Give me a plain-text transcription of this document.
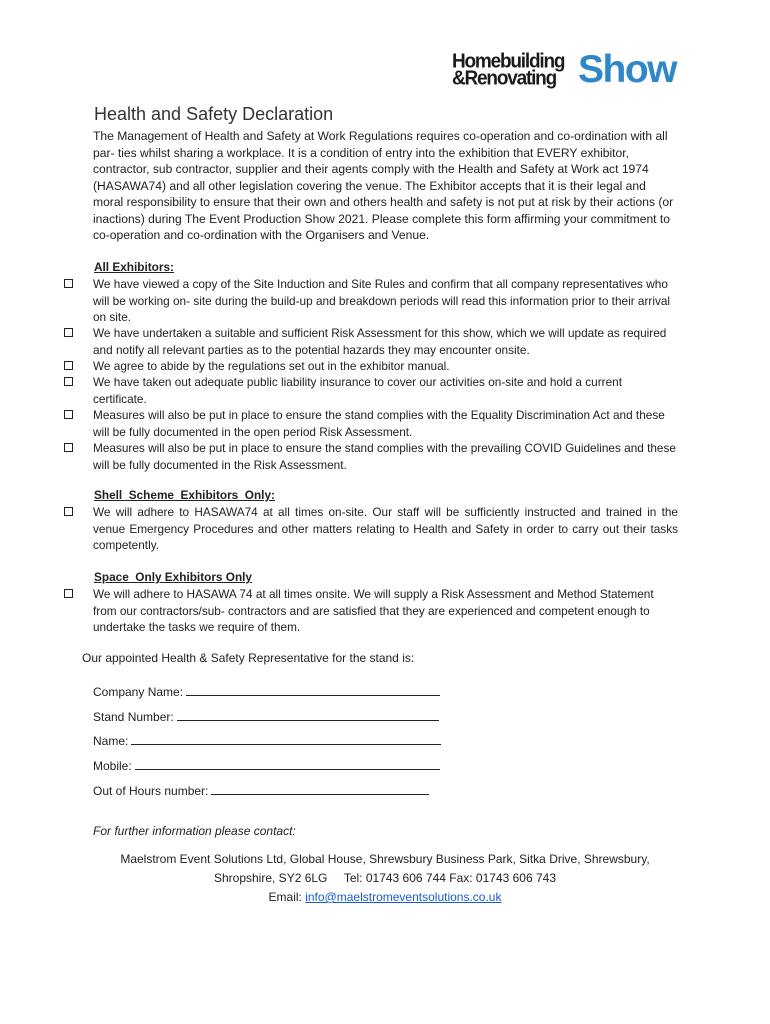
Homebuilding
&Renovating Show
Health and Safety Declaration
The Management of Health and Safety at Work Regulations requires co-operation and co-ordination with all par- ties whilst sharing a workplace. It is a condition of entry into the exhibition that EVERY exhibitor, contractor, sub contractor, supplier and their agents comply with the Health and Safety at Work act 1974 (HASAWA74) and all other legislation covering the venue. The Exhibitor accepts that it is their legal and moral responsibility to ensure that their own and others health and safety is not put at risk by their actions (or inactions) during The Event Production Show 2021. Please complete this form affirming your commitment to co-operation and co-ordination with the Organisers and Venue.
All Exhibitors:
We have viewed a copy of the Site Induction and Site Rules and confirm that all company representatives who will be working on- site during the build-up and breakdown periods will read this information prior to their arrival on site.
We have undertaken a suitable and sufficient Risk Assessment for this show, which we will update as required and notify all relevant parties as to the potential hazards they may encounter onsite.
We agree to abide by the regulations set out in the exhibitor manual.
We have taken out adequate public liability insurance to cover our activities on-site and hold a current certificate.
Measures will also be put in place to ensure the stand complies with the Equality Discrimination Act and these will be fully documented in the open period Risk Assessment.
Measures will also be put in place to ensure the stand complies with the prevailing COVID Guidelines and these will be fully documented in the Risk Assessment.
Shell  Scheme  Exhibitors  Only:
We will adhere to HASAWA74 at all times on-site. Our staff will be sufficiently instructed and trained in the venue Emergency Procedures and other matters relating to Health and Safety in order to carry out their tasks competently.
Space  Only Exhibitors Only
We will adhere to HASAWA 74 at all times onsite. We will supply a Risk Assessment and Method Statement from our contractors/sub- contractors and are satisfied that they are experienced and competent enough to undertake the tasks we require of them.
Our appointed Health & Safety Representative for the stand is:
Company Name:
Stand Number:
Name:
Mobile:
Out of Hours number:
For further information please contact:
Maelstrom Event Solutions Ltd, Global House, Shrewsbury Business Park, Sitka Drive, Shrewsbury,
Shropshire, SY2 6LG     Tel: 01743 606 744 Fax: 01743 606 743
Email: info@maelstromeventsolutions.co.uk
